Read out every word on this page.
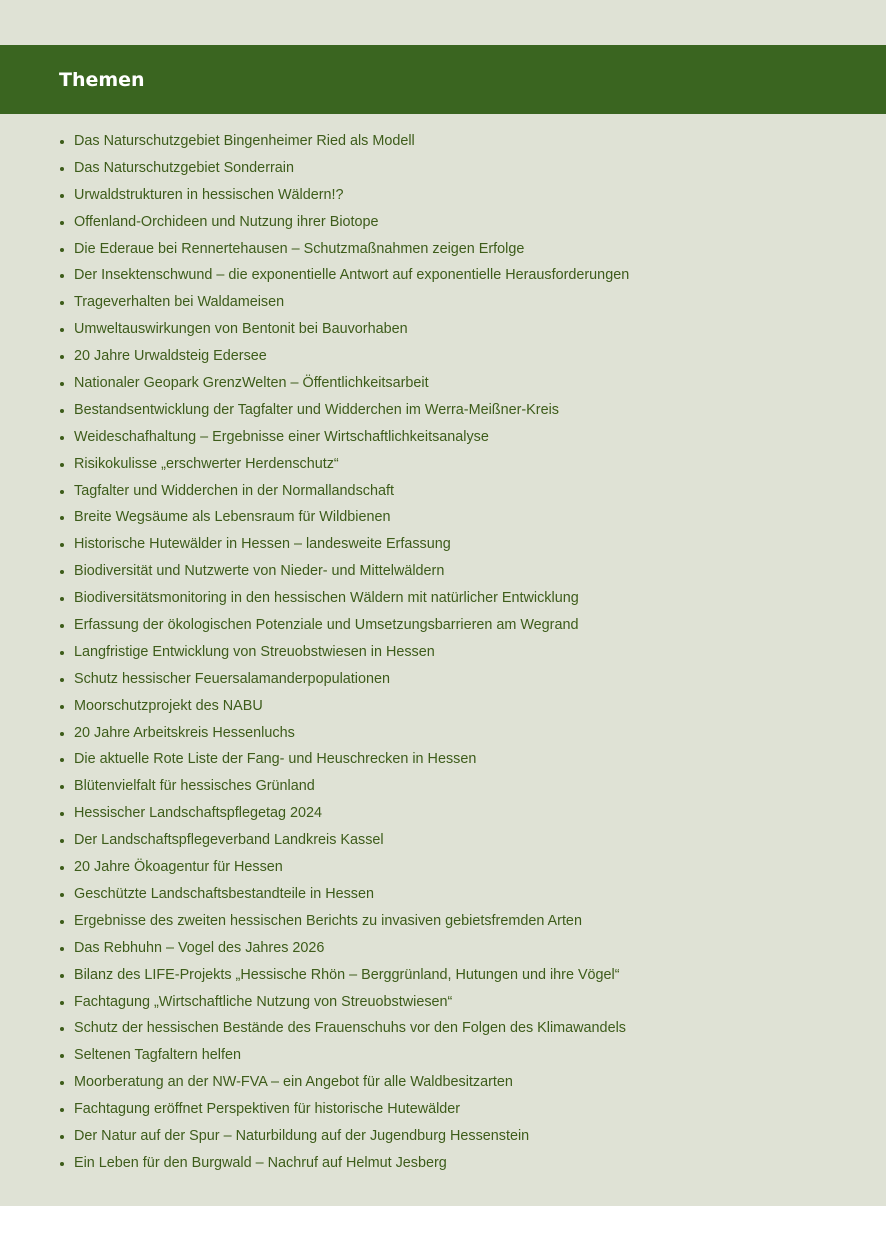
Themen
Das Naturschutzgebiet Bingenheimer Ried als Modell
Das Naturschutzgebiet Sonderrain
Urwaldstrukturen in hessischen Wäldern!?
Offenland-Orchideen und Nutzung ihrer Biotope
Die Ederaue bei Rennertehausen – Schutzmaßnahmen zeigen Erfolge
Der Insektenschwund – die exponentielle Antwort auf exponentielle Herausforderungen
Trageverhalten bei Waldameisen
Umweltauswirkungen von Bentonit bei Bauvorhaben
20 Jahre Urwaldsteig Edersee
Nationaler Geopark GrenzWelten – Öffentlichkeitsarbeit
Bestandsentwicklung der Tagfalter und Widderchen im Werra-Meißner-Kreis
Weideschafhaltung – Ergebnisse einer Wirtschaftlichkeitsanalyse
Risikokulisse „erschwerter Herdenschutz“
Tagfalter und Widderchen in der Normallandschaft
Breite Wegsäume als Lebensraum für Wildbienen
Historische Hutewälder in Hessen – landesweite Erfassung
Biodiversität und Nutzwerte von Nieder- und Mittelwäldern
Biodiversitätsmonitoring in den hessischen Wäldern mit natürlicher Entwicklung
Erfassung der ökologischen Potenziale und Umsetzungsbarrieren am Wegrand
Langfristige Entwicklung von Streuobstwiesen in Hessen
Schutz hessischer Feuersalamanderpopulationen
Moorschutzprojekt des NABU
20 Jahre Arbeitskreis Hessenluchs
Die aktuelle Rote Liste der Fang- und Heuschrecken in Hessen
Blütenvielfalt für hessisches Grünland
Hessischer Landschaftspflegetag 2024
Der Landschaftspflegeverband Landkreis Kassel
20 Jahre Ökoagentur für Hessen
Geschützte Landschaftsbestandteile in Hessen
Ergebnisse des zweiten hessischen Berichts zu invasiven gebietsfremden Arten
Das Rebhuhn – Vogel des Jahres 2026
Bilanz des LIFE-Projekts „Hessische Rhön – Berggrünland, Hutungen und ihre Vögel“
Fachtagung „Wirtschaftliche Nutzung von Streuobstwiesen“
Schutz der hessischen Bestände des Frauenschuhs vor den Folgen des Klimawandels
Seltenen Tagfaltern helfen
Moorberatung an der NW-FVA – ein Angebot für alle Waldbesitzarten
Fachtagung eröffnet Perspektiven für historische Hutewälder
Der Natur auf der Spur – Naturbildung auf der Jugendburg Hessenstein
Ein Leben für den Burgwald – Nachruf auf Helmut Jesberg
